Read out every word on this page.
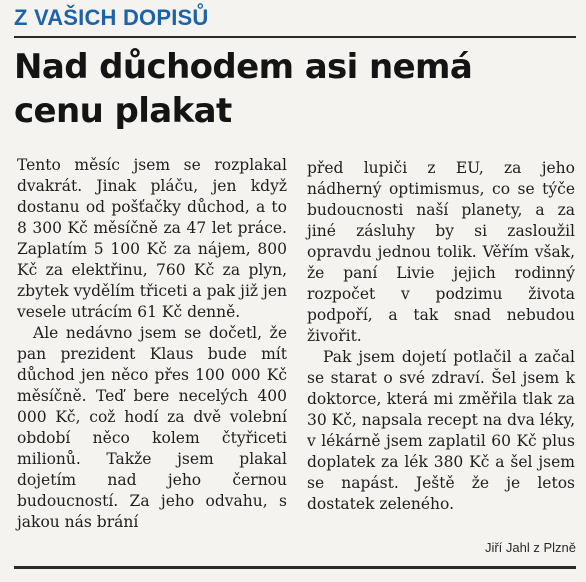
Z VAŠICH DOPISŮ
Nad důchodem asi nemá
cenu plakat

Tento měsíc jsem se rozplakal dvakrát. Jinak pláču, jen když dostanu od pošťačky důchod, a to 8 300 Kč měsíčně za 47 let práce. Zaplatím 5 100 Kč za nájem, 800 Kč za elektřinu, 760 Kč za plyn, zbytek vydělím třiceti a pak již jen vesele utrácím 61 Kč denně.

Ale nedávno jsem se dočetl, že pan prezident Klaus bude mít důchod jen něco přes 100 000 Kč měsíčně. Teď bere necelých 400 000 Kč, což hodí za dvě volební období něco kolem čtyřiceti milionů. Takže jsem plakal dojetím nad jeho černou budoucností. Za jeho odvahu, s jakou nás brání

před lupiči z EU, za jeho nádherný optimismus, co se týče budoucnosti naší planety, a za jiné zásluhy by si zasloužil opravdu jednou tolik. Věřím však, že paní Livie jejich rodinný rozpočet v podzimu života podpoří, a tak snad nebudou živořit.

Pak jsem dojetí potlačil a začal se starat o své zdraví. Šel jsem k doktorce, která mi změřila tlak za 30 Kč, napsala recept na dva léky, v lékárně jsem zaplatil 60 Kč plus doplatek za lék 380 Kč a šel jsem se napást. Ještě že je letos dostatek zeleného.

Jiří Jahl z Plzně
